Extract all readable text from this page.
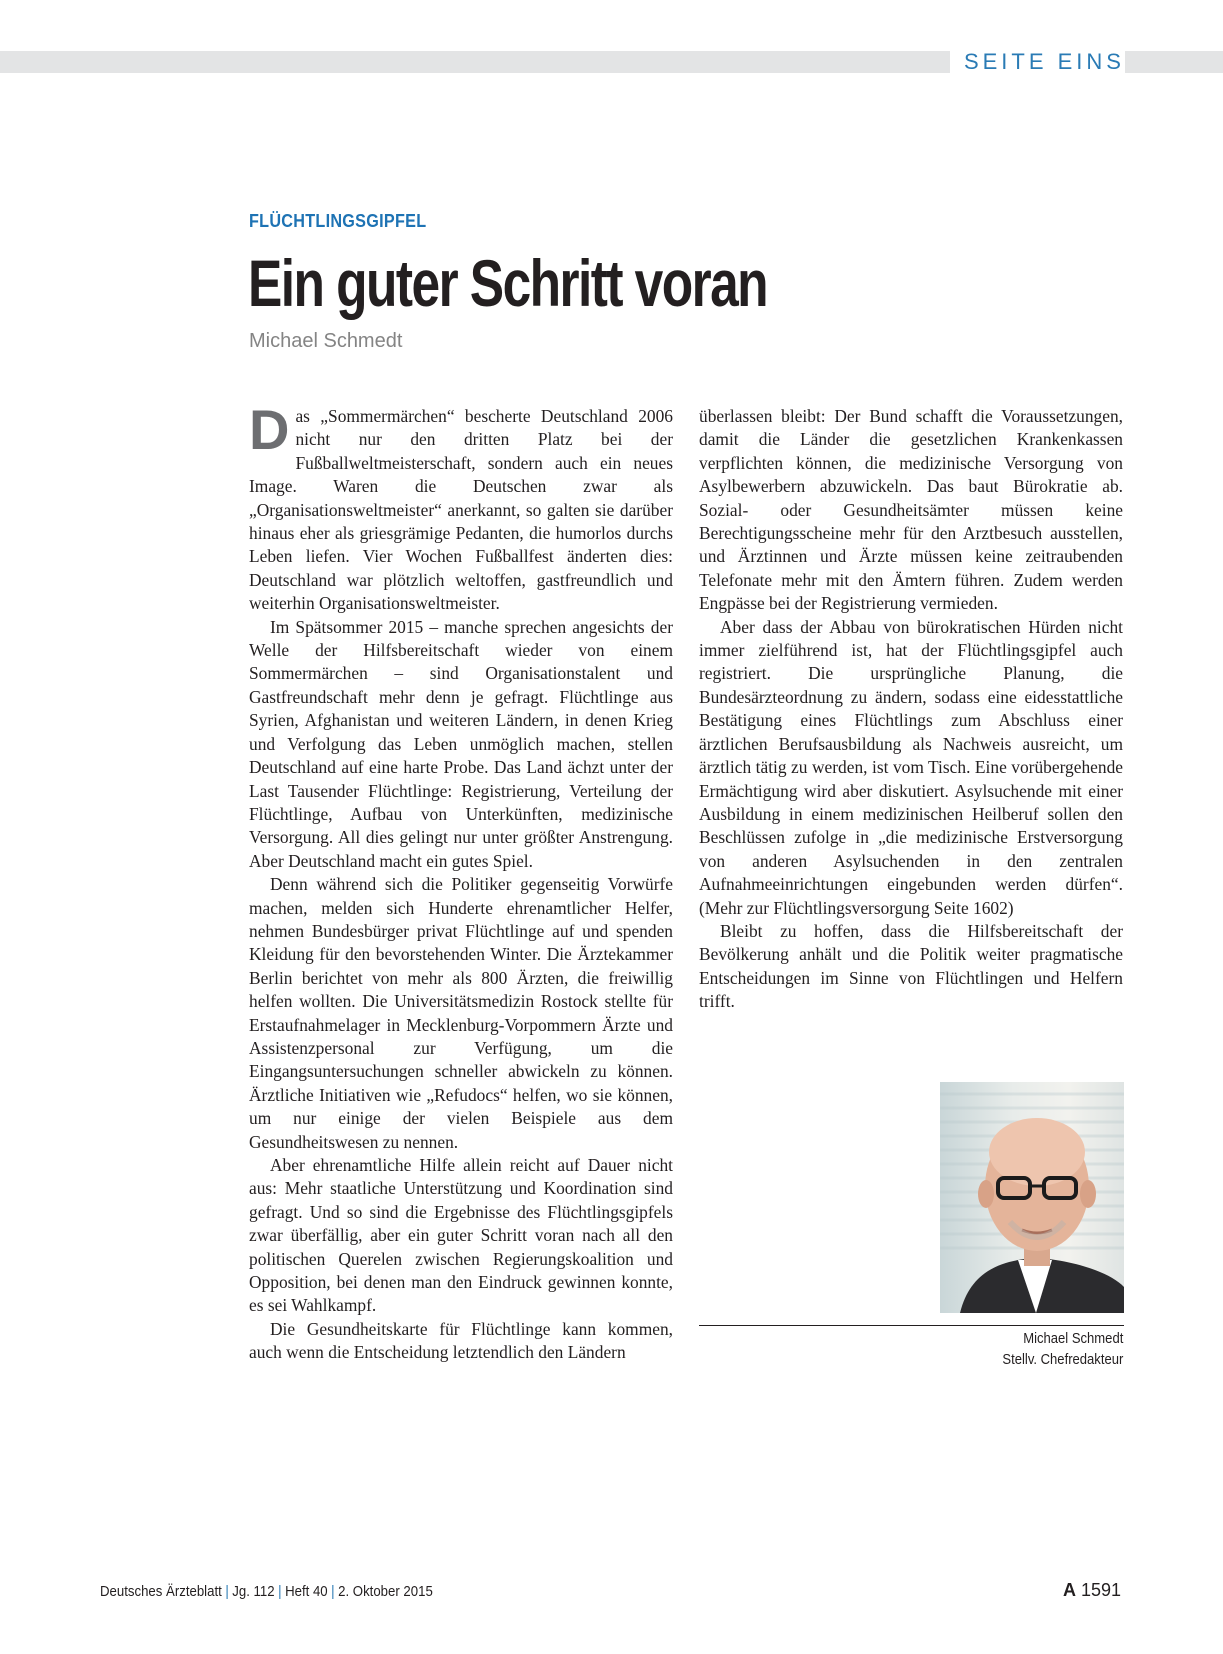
SEITE EINS
FLÜCHTLINGSGIPFEL
Ein guter Schritt voran
Michael Schmedt

Das „Sommermärchen“ bescherte Deutschland 2006 nicht nur den dritten Platz bei der Fußballweltmeisterschaft, sondern auch ein neues Image. Waren die Deutschen zwar als „Organisationsweltmeister“ anerkannt, so galten sie darüber hinaus eher als griesgrämige Pedanten, die humorlos durchs Leben liefen. Vier Wochen Fußballfest änderten dies: Deutschland war plötzlich weltoffen, gastfreundlich und weiterhin Organisationsweltmeister.

Im Spätsommer 2015 – manche sprechen angesichts der Welle der Hilfsbereitschaft wieder von einem Sommermärchen – sind Organisationstalent und Gastfreundschaft mehr denn je gefragt. Flüchtlinge aus Syrien, Afghanistan und weiteren Ländern, in denen Krieg und Verfolgung das Leben unmöglich machen, stellen Deutschland auf eine harte Probe. Das Land ächzt unter der Last Tausender Flüchtlinge: Registrierung, Verteilung der Flüchtlinge, Aufbau von Unterkünften, medizinische Versorgung. All dies gelingt nur unter größter Anstrengung. Aber Deutschland macht ein gutes Spiel.

Denn während sich die Politiker gegenseitig Vorwürfe machen, melden sich Hunderte ehrenamtlicher Helfer, nehmen Bundesbürger privat Flüchtlinge auf und spenden Kleidung für den bevorstehenden Winter. Die Ärztekammer Berlin berichtet von mehr als 800 Ärzten, die freiwillig helfen wollten. Die Universitätsmedizin Rostock stellte für Erstaufnahmelager in Mecklenburg-Vorpommern Ärzte und Assistenzpersonal zur Verfügung, um die Eingangsuntersuchungen schneller abwickeln zu können. Ärztliche Initiativen wie „Refudocs“ helfen, wo sie können, um nur einige der vielen Beispiele aus dem Gesundheitswesen zu nennen.

Aber ehrenamtliche Hilfe allein reicht auf Dauer nicht aus: Mehr staatliche Unterstützung und Koordination sind gefragt. Und so sind die Ergebnisse des Flüchtlingsgipfels zwar überfällig, aber ein guter Schritt voran nach all den politischen Querelen zwischen Regierungskoalition und Opposition, bei denen man den Eindruck gewinnen konnte, es sei Wahlkampf.

Die Gesundheitskarte für Flüchtlinge kann kommen, auch wenn die Entscheidung letztendlich den Ländern

überlassen bleibt: Der Bund schafft die Voraussetzungen, damit die Länder die gesetzlichen Krankenkassen verpflichten können, die medizinische Versorgung von Asylbewerbern abzuwickeln. Das baut Bürokratie ab. Sozial- oder Gesundheitsämter müssen keine Berechtigungsscheine mehr für den Arztbesuch ausstellen, und Ärztinnen und Ärzte müssen keine zeitraubenden Telefonate mehr mit den Ämtern führen. Zudem werden Engpässe bei der Registrierung vermieden.

Aber dass der Abbau von bürokratischen Hürden nicht immer zielführend ist, hat der Flüchtlingsgipfel auch registriert. Die ursprüngliche Planung, die Bundesärzteordnung zu ändern, sodass eine eidesstattliche Bestätigung eines Flüchtlings zum Abschluss einer ärztlichen Berufsausbildung als Nachweis ausreicht, um ärztlich tätig zu werden, ist vom Tisch. Eine vorübergehende Ermächtigung wird aber diskutiert. Asylsuchende mit einer Ausbildung in einem medizinischen Heilberuf sollen den Beschlüssen zufolge in „die medizinische Erstversorgung von anderen Asylsuchenden in den zentralen Aufnahmeeinrichtungen eingebunden werden dürfen“. (Mehr zur Flüchtlingsversorgung Seite 1602)

Bleibt zu hoffen, dass die Hilfsbereitschaft der Bevölkerung anhält und die Politik weiter pragmatische Entscheidungen im Sinne von Flüchtlingen und Helfern trifft.

Michael Schmedt
Stellv. Chefredakteur
Deutsches Ärzteblatt | Jg. 112 | Heft 40 | 2. Oktober 2015	A 1591
